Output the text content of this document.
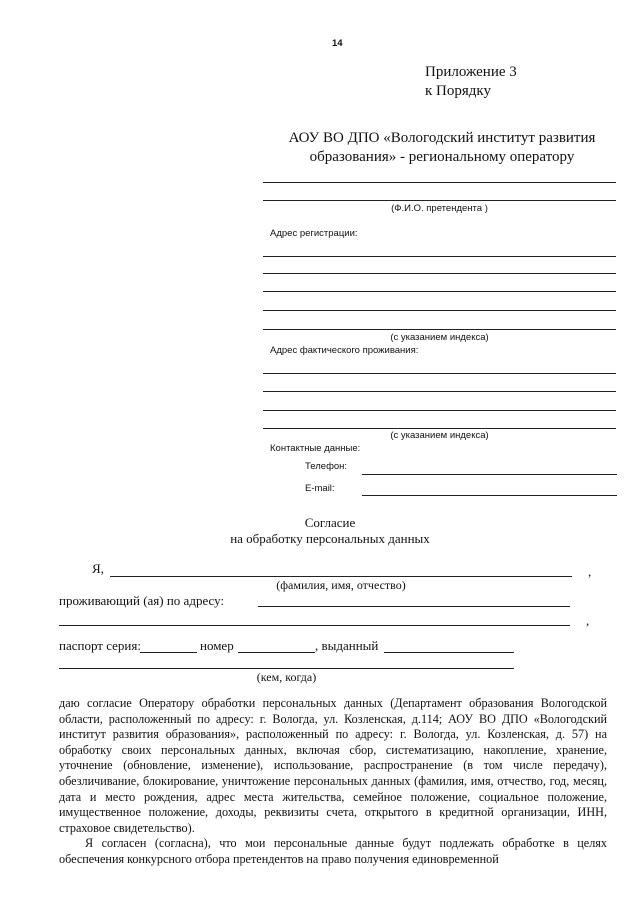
14
Приложение 3
к Порядку
АОУ ВО ДПО «Вологодский институт развития
образования» - региональному оператору
(Ф.И.О. претендента )
Адрес регистрации:
(с указанием индекса)
Адрес фактического проживания:
(с указанием индекса)
Контактные данные:
Телефон:
E-mail:
Согласие
на обработку персональных данных
Я,	,
(фамилия, имя, отчество)
проживающий (ая) по адресу:
,
паспорт серия:	номер	, выданный
(кем, когда)

даю согласие Оператору обработки персональных данных (Департамент образования Вологодской области, расположенный по адресу: г. Вологда, ул. Козленская, д.114; АОУ ВО ДПО «Вологодский институт развития образования», расположенный по адресу: г. Вологда, ул. Козленская, д. 57) на обработку своих персональных данных, включая сбор, систематизацию, накопление, хранение, уточнение (обновление, изменение), использование, распространение (в том числе передачу), обезличивание, блокирование, уничтожение персональных данных (фамилия, имя, отчество, год, месяц, дата и место рождения, адрес места жительства, семейное положение, социальное положение, имущественное положение, доходы, реквизиты счета, открытого в кредитной организации, ИНН, страховое свидетельство).

Я согласен (согласна), что мои персональные данные будут подлежать обработке в целях обеспечения конкурсного отбора претендентов на право получения единовременной
